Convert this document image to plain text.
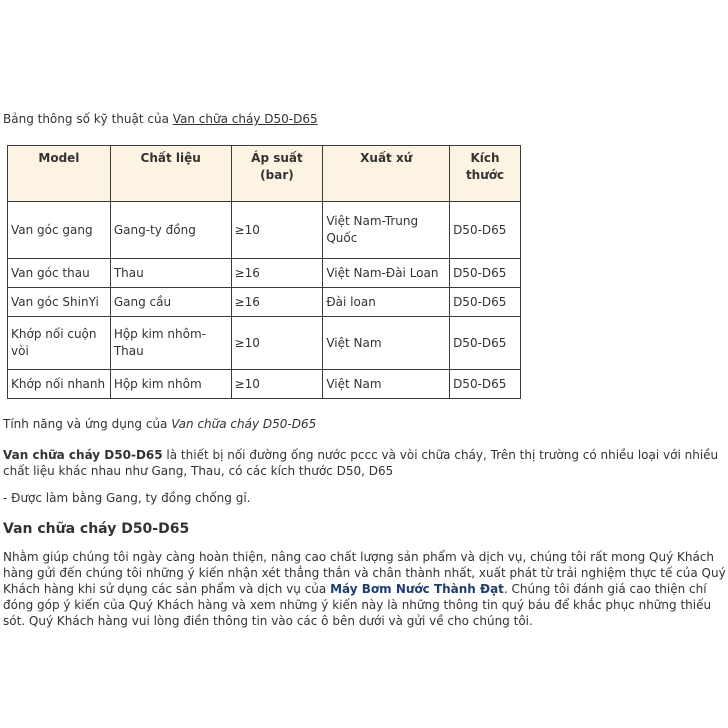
Bảng thông số kỹ thuật của Van chữa cháy D50-D65
Model	Chất liệu	Áp suất (bar)	Xuất xứ	Kích thước
Van góc gang	Gang-ty đồng	≥10	Việt Nam-Trung Quốc	D50-D65
Van góc thau	Thau	≥16	Việt Nam-Đài Loan	D50-D65
Van góc ShinYi	Gang cầu	≥16	Đài loan	D50-D65
Khớp nối cuộn vòi	Hộp kim nhôm-Thau	≥10	Việt Nam	D50-D65
Khớp nối nhanh	Hộp kim nhôm	≥10	Việt Nam	D50-D65
Tính năng và ứng dụng của Van chữa cháy D50-D65
Van chữa cháy D50-D65 là thiết bị nối đường ống nước pccc và vòi chữa cháy, Trên thị trường có nhiều loại với nhiều chất liệu khác nhau như Gang, Thau, có các kích thước D50, D65
- Được làm bằng Gang, ty đồng chống gỉ.
Van chữa cháy D50-D65
Nhằm giúp chúng tôi ngày càng hoàn thiện, nâng cao chất lượng sản phẩm và dịch vụ, chúng tôi rất mong Quý Khách hàng gửi đến chúng tôi những ý kiến nhận xét thẳng thắn và chân thành nhất, xuất phát từ trải nghiệm thực tế của Quý Khách hàng khi sử dụng các sản phẩm và dịch vụ của Máy Bơm Nước Thành Đạt. Chúng tôi đánh giá cao thiện chí đóng góp ý kiến của Quý Khách hàng và xem những ý kiến này là những thông tin quý báu để khắc phục những thiếu sót. Quý Khách hàng vui lòng điền thông tin vào các ô bên dưới và gửi về cho chúng tôi.
